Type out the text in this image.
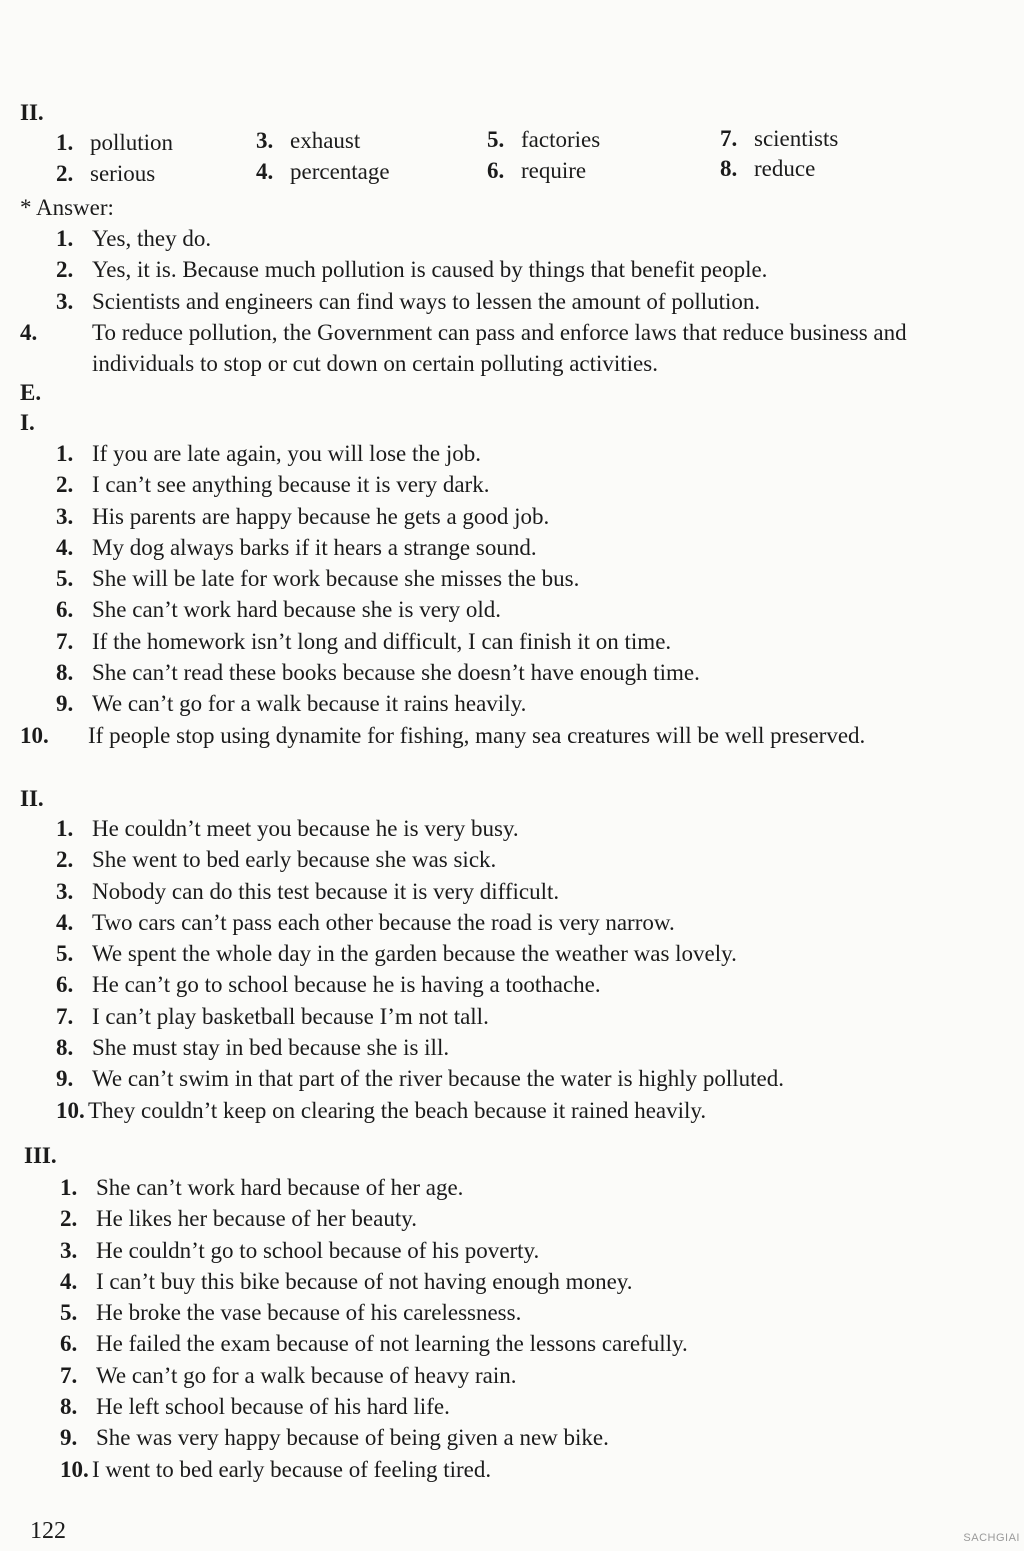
II.
1. pollution
2. serious
3. exhaust
4. percentage
5. factories
6. require
7. scientists
8. reduce
* Answer:
1. Yes, they do.
2. Yes, it is. Because much pollution is caused by things that benefit people.
3. Scientists and engineers can find ways to lessen the amount of pollution.
4. To reduce pollution, the Government can pass and enforce laws that reduce business and individuals to stop or cut down on certain polluting activities.
E.
I.
1. If you are late again, you will lose the job.
2. I can’t see anything because it is very dark.
3. His parents are happy because he gets a good job.
4. My dog always barks if it hears a strange sound.
5. She will be late for work because she misses the bus.
6. She can’t work hard because she is very old.
7. If the homework isn’t long and difficult, I can finish it on time.
8. She can’t read these books because she doesn’t have enough time.
9. We can’t go for a walk because it rains heavily.
10. If people stop using dynamite for fishing, many sea creatures will be well preserved.
II.
1. He couldn’t meet you because he is very busy.
2. She went to bed early because she was sick.
3. Nobody can do this test because it is very difficult.
4. Two cars can’t pass each other because the road is very narrow.
5. We spent the whole day in the garden because the weather was lovely.
6. He can’t go to school because he is having a toothache.
7. I can’t play basketball because I’m not tall.
8. She must stay in bed because she is ill.
9. We can’t swim in that part of the river because the water is highly polluted.
10. They couldn’t keep on clearing the beach because it rained heavily.
III.
1. She can’t work hard because of her age.
2. He likes her because of her beauty.
3. He couldn’t go to school because of his poverty.
4. I can’t buy this bike because of not having enough money.
5. He broke the vase because of his carelessness.
6. He failed the exam because of not learning the lessons carefully.
7. We can’t go for a walk because of heavy rain.
8. He left school because of his hard life.
9. She was very happy because of being given a new bike.
10. I went to bed early because of feeling tired.
122	SACHGIAI
